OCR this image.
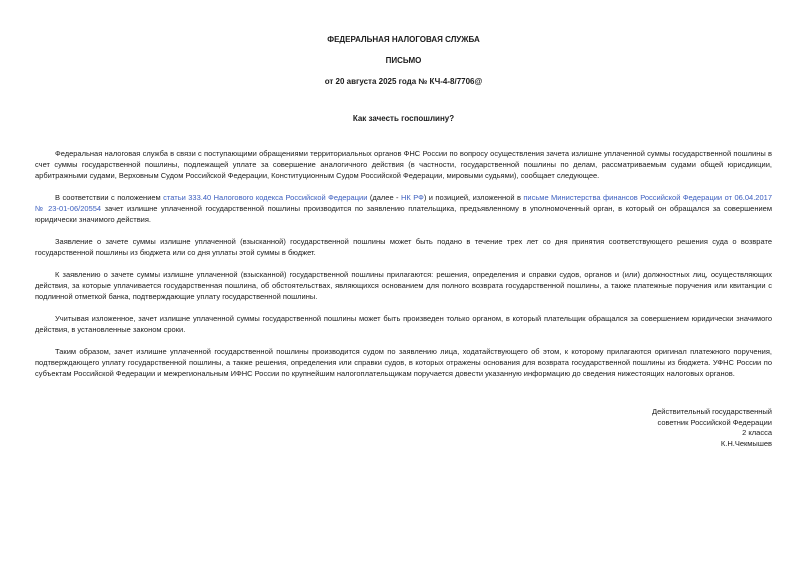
ФЕДЕРАЛЬНАЯ НАЛОГОВАЯ СЛУЖБА
ПИСЬМО
от 20 августа 2025 года № КЧ-4-8/7706@
Как зачесть госпошлину?
Федеральная налоговая служба в связи с поступающими обращениями территориальных органов ФНС России по вопросу осуществления зачета излишне уплаченной суммы государственной пошлины в счет суммы государственной пошлины, подлежащей уплате за совершение аналогичного действия (в частности, государственной пошлины по делам, рассматриваемым судами общей юрисдикции, арбитражными судами, Верховным Судом Российской Федерации, Конституционным Судом Российской Федерации, мировыми судьями), сообщает следующее.
В соответствии с положением статьи 333.40 Налогового кодекса Российской Федерации (далее - НК РФ) и позицией, изложенной в письме Министерства финансов Российской Федерации от 06.04.2017 № 23-01-06/20554 зачет излишне уплаченной государственной пошлины производится по заявлению плательщика, предъявленному в уполномоченный орган, в который он обращался за совершением юридически значимого действия.
Заявление о зачете суммы излишне уплаченной (взысканной) государственной пошлины может быть подано в течение трех лет со дня принятия соответствующего решения суда о возврате государственной пошлины из бюджета или со дня уплаты этой суммы в бюджет.
К заявлению о зачете суммы излишне уплаченной (взысканной) государственной пошлины прилагаются: решения, определения и справки судов, органов и (или) должностных лиц, осуществляющих действия, за которые уплачивается государственная пошлина, об обстоятельствах, являющихся основанием для полного возврата государственной пошлины, а также платежные поручения или квитанции с подлинной отметкой банка, подтверждающие уплату государственной пошлины.
Учитывая изложенное, зачет излишне уплаченной суммы государственной пошлины может быть произведен только органом, в который плательщик обращался за совершением юридически значимого действия, в установленные законом сроки.
Таким образом, зачет излишне уплаченной государственной пошлины производится судом по заявлению лица, ходатайствующего об этом, к которому прилагаются оригинал платежного поручения, подтверждающего уплату государственной пошлины, а также решения, определения или справки судов, в которых отражены основания для возврата государственной пошлины из бюджета. УФНС России по субъектам Российской Федерации и межрегиональным ИФНС России по крупнейшим налогоплательщикам поручается довести указанную информацию до сведения нижестоящих налоговых органов.
Действительный государственный
советник Российской Федерации
2 класса
К.Н.Чекмышев
